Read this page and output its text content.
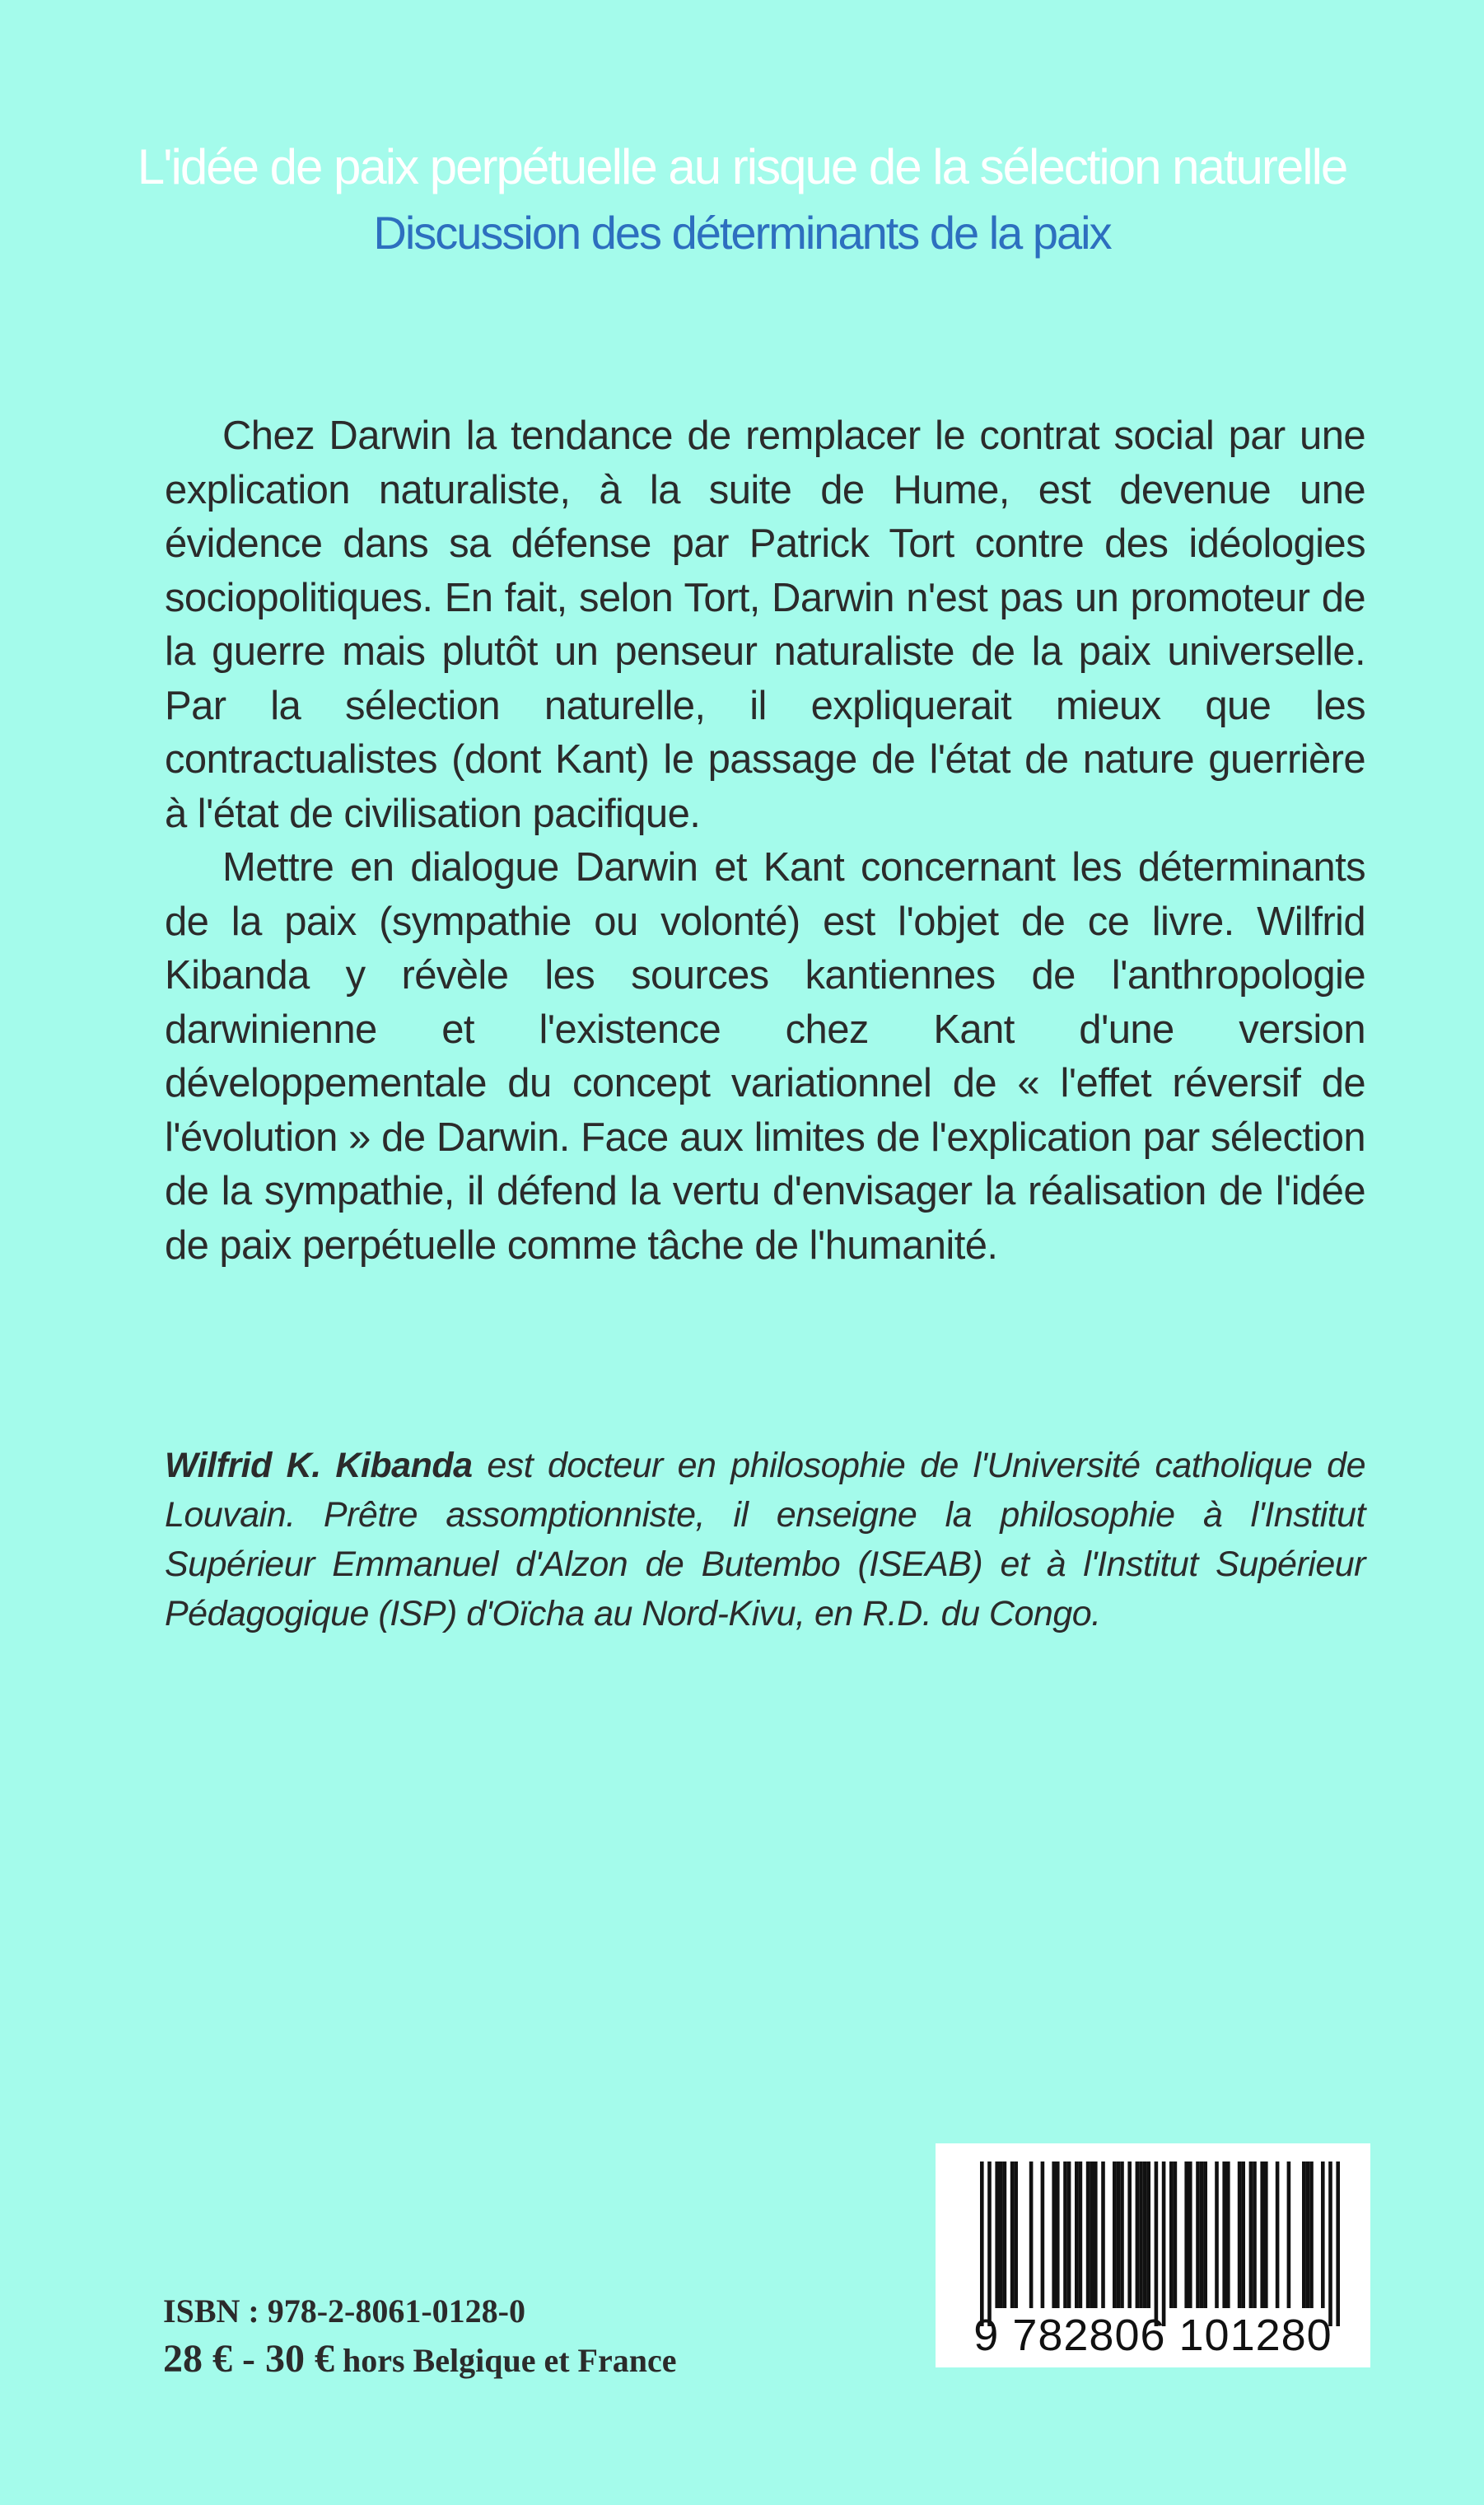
L'idée de paix perpétuelle au risque de la sélection naturelle
Discussion des déterminants de la paix

Chez Darwin la tendance de remplacer le contrat social par une explication naturaliste, à la suite de Hume, est devenue une évidence dans sa défense par Patrick Tort contre des idéologies sociopolitiques. En fait, selon Tort, Darwin n'est pas un promoteur de la guerre mais plutôt un penseur naturaliste de la paix universelle. Par la sélection naturelle, il expliquerait mieux que les contractualistes (dont Kant) le passage de l'état de nature guerrière à l'état de civilisation pacifique.

Mettre en dialogue Darwin et Kant concernant les déterminants de la paix (sympathie ou volonté) est l'objet de ce livre. Wilfrid Kibanda y révèle les sources kantiennes de l'anthropologie darwinienne et l'existence chez Kant d'une version développementale du concept variationnel de « l'effet réversif de l'évolution » de Darwin. Face aux limites de l'explication par sélection de la sympathie, il défend la vertu d'envisager la réalisation de l'idée de paix perpétuelle comme tâche de l'humanité.

Wilfrid K. Kibanda est docteur en philosophie de l'Université catholique de Louvain. Prêtre assomptionniste, il enseigne la philosophie à l'Institut Supérieur Emmanuel d'Alzon de Butembo (ISEAB) et à l'Institut Supérieur Pédagogique (ISP) d'Oïcha au Nord-Kivu, en R.D. du Congo.
ISBN : 978-2-8061-0128-0
28 € - 30 € hors Belgique et France
9 782806 101280
